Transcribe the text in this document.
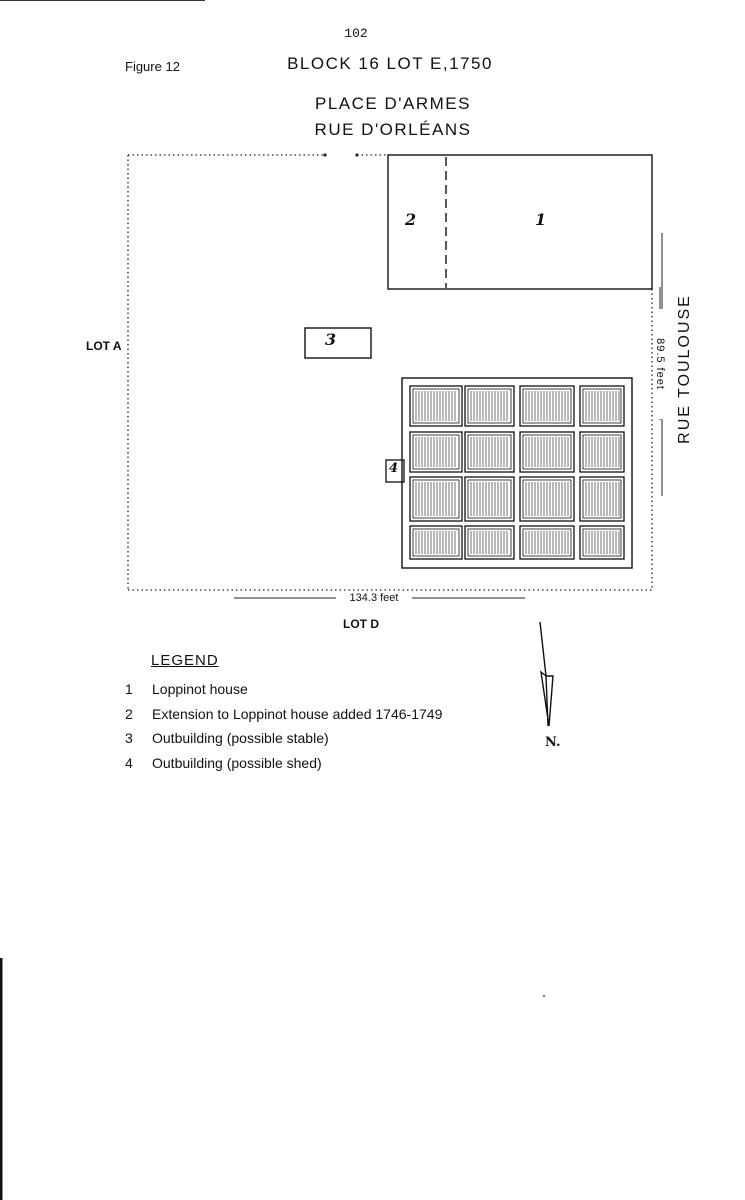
102
Figure 12	BLOCK 16 LOT E,1750
PLACE D'ARMES
RUE D'ORLÉANS
LOT A
LOT D
1
2
3
4
134.3 feet
89.5 feet RUE TOULOUSE
N.
LEGEND
1 Loppinot house
2 Extension to Loppinot house added 1746-1749
3 Outbuilding (possible stable)
4 Outbuilding (possible shed)
